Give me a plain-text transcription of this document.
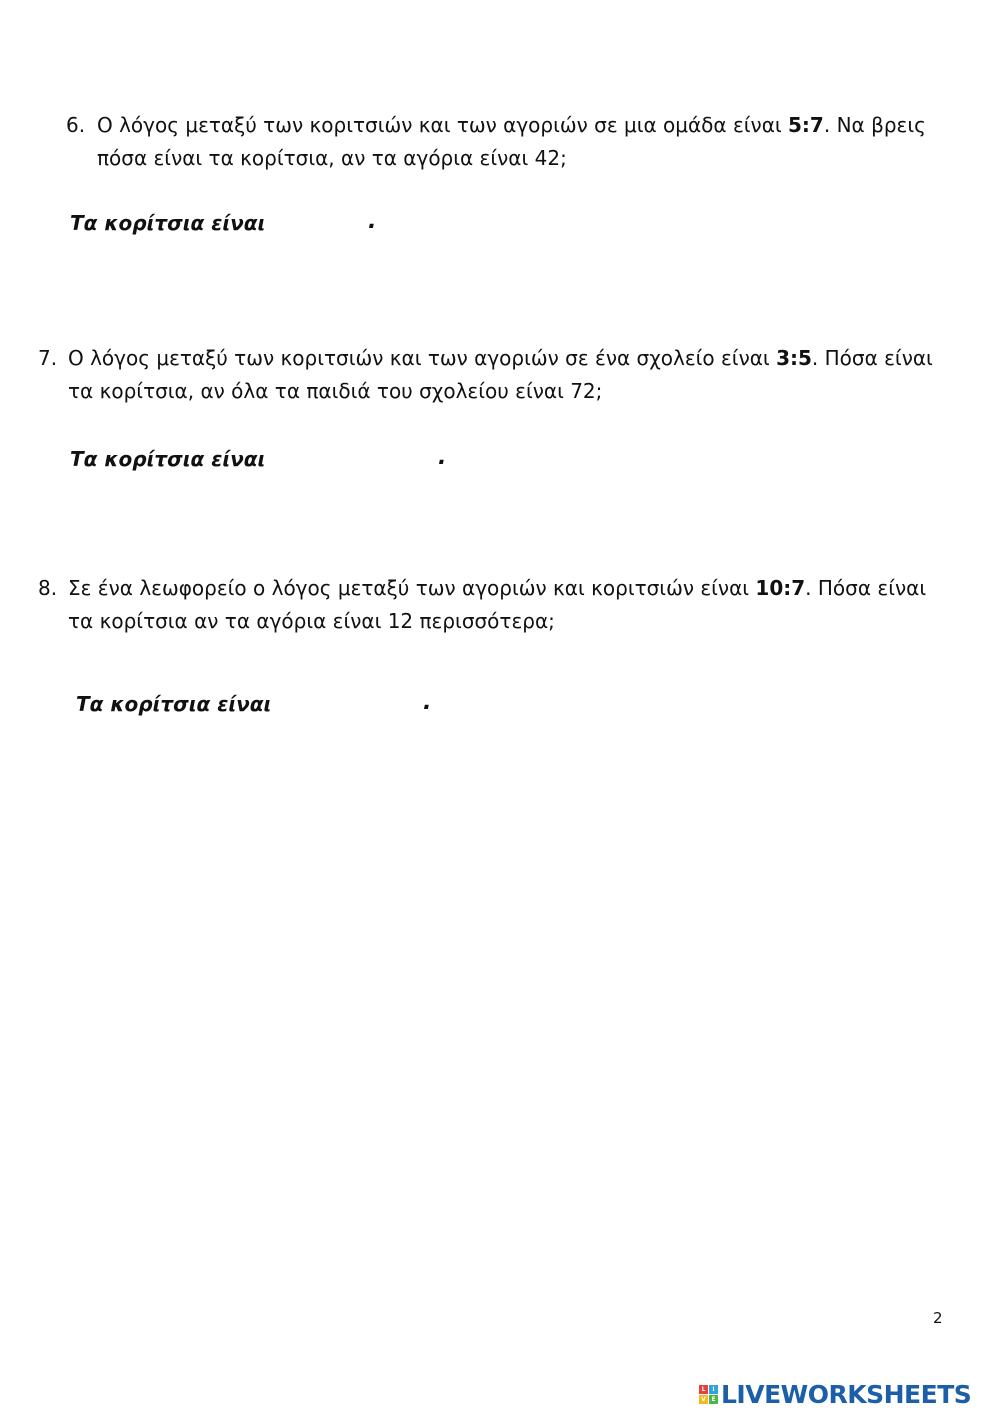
6. Ο λόγος μεταξύ των κοριτσιών και των αγοριών σε μια ομάδα είναι 5:7. Να βρεις
πόσα είναι τα κορίτσια, αν τα αγόρια είναι 42;
Τα κορίτσια είναι	.
7. Ο λόγος μεταξύ των κοριτσιών και των αγοριών σε ένα σχολείο είναι 3:5. Πόσα είναι
τα κορίτσια, αν όλα τα παιδιά του σχολείου είναι 72;
Τα κορίτσια είναι	.
8. Σε ένα λεωφορείο ο λόγος μεταξύ των αγοριών και κοριτσιών είναι 10:7. Πόσα είναι
τα κορίτσια αν τα αγόρια είναι 12 περισσότερα;
Τα κορίτσια είναι	.
2
L	I
V E LIVEWORKSHEETS
